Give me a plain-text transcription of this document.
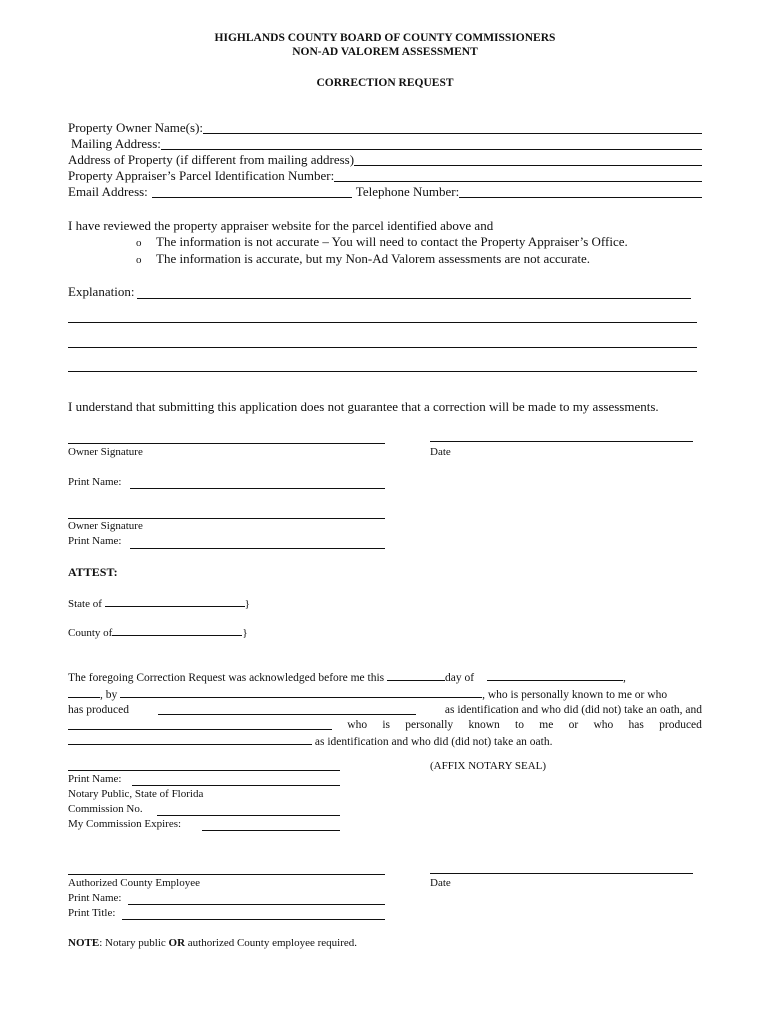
HIGHLANDS COUNTY BOARD OF COUNTY COMMISSIONERS
NON-AD VALOREM ASSESSMENT
CORRECTION REQUEST
Property Owner Name(s):
Mailing Address:
Address of Property (if different from mailing address)
Property Appraiser’s Parcel Identification Number:
Email Address:	Telephone Number:
I have reviewed the property appraiser website for the parcel identified above and
o The information is not accurate – You will need to contact the Property Appraiser’s Office.
o The information is accurate, but my Non-Ad Valorem assessments are not accurate.
Explanation:
I understand that submitting this application does not guarantee that a correction will be made to my assessments.
Owner Signature	Date
Print Name:
Owner Signature
Print Name:
ATTEST:
State of	}
County of	}
The foregoing Correction Request was acknowledged before me this	day of	,
, by	, who is personally known to me or who
has produced	as identification and who did (did not) take an oath, and
who is personally known to me or who has produced
as identification and who did (did not) take an oath.
(AFFIX NOTARY SEAL)
Print Name:
Notary Public, State of Florida
Commission No.
My Commission Expires:
Authorized County Employee	Date
Print Name:
Print Title:
NOTE: Notary public OR authorized County employee required.
